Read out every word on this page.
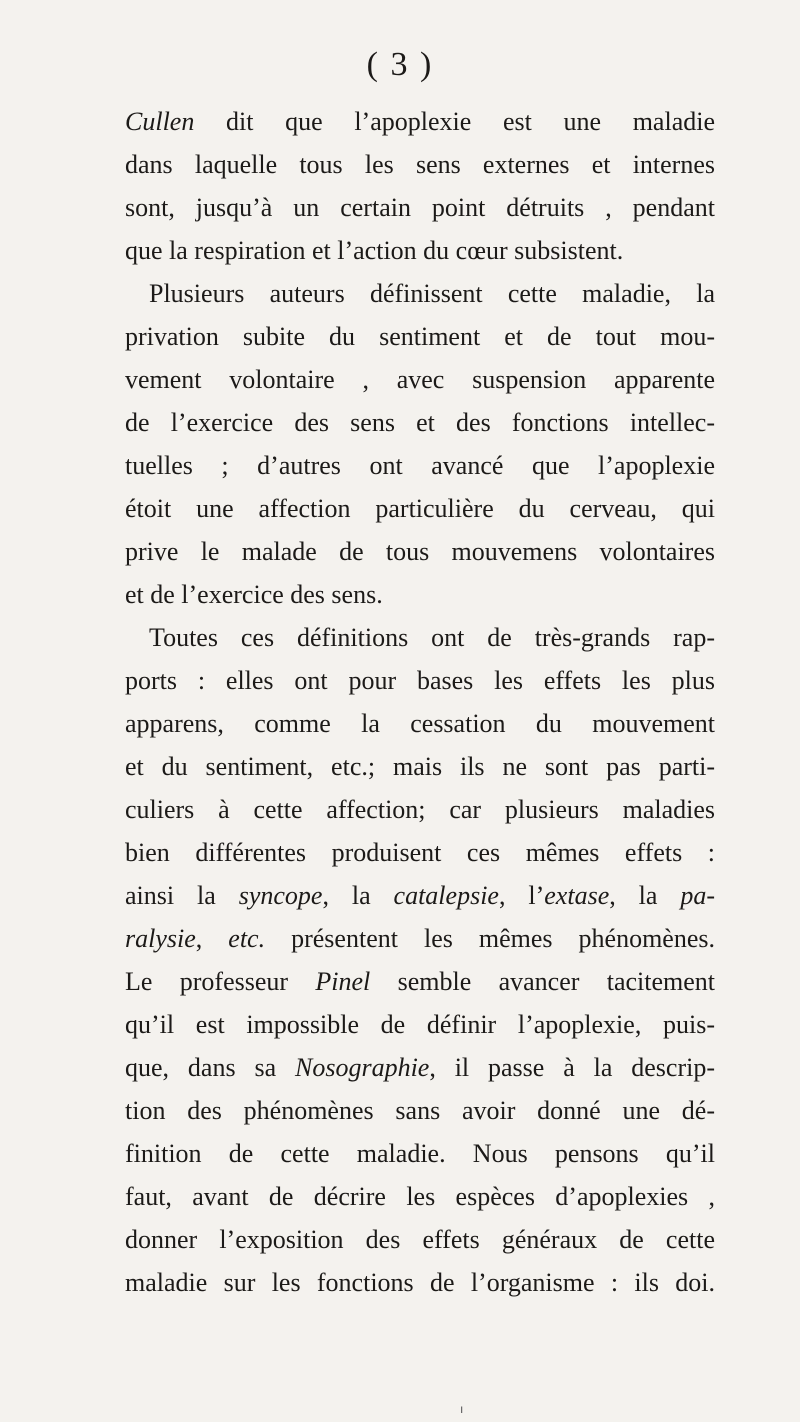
( 3 )
Cullen dit que l’apoplexie est une maladie
dans laquelle tous les sens externes et internes
sont, jusqu’à un certain point détruits , pendant
que la respiration et l’action du cœur subsistent.
Plusieurs auteurs définissent cette maladie, la
privation subite du sentiment et de tout mou-
vement volontaire , avec suspension apparente
de l’exercice des sens et des fonctions intellec-
tuelles ; d’autres ont avancé que l’apoplexie
étoit une affection particulière du cerveau, qui
prive le malade de tous mouvemens volontaires
et de l’exercice des sens.
Toutes ces définitions ont de très-grands rap-
ports : elles ont pour bases les effets les plus
apparens, comme la cessation du mouvement
et du sentiment, etc.; mais ils ne sont pas parti-
culiers à cette affection; car plusieurs maladies
bien différentes produisent ces mêmes effets :
ainsi la syncope, la catalepsie, l’extase, la pa-
ralysie, etc. présentent les mêmes phénomènes.
Le professeur Pinel semble avancer tacitement
qu’il est impossible de définir l’apoplexie, puis-
que, dans sa Nosographie, il passe à la descrip-
tion des phénomènes sans avoir donné une dé-
finition de cette maladie. Nous pensons qu’il
faut, avant de décrire les espèces d’apoplexies ,
donner l’exposition des effets généraux de cette
maladie sur les fonctions de l’organisme : ils doi.
ı
